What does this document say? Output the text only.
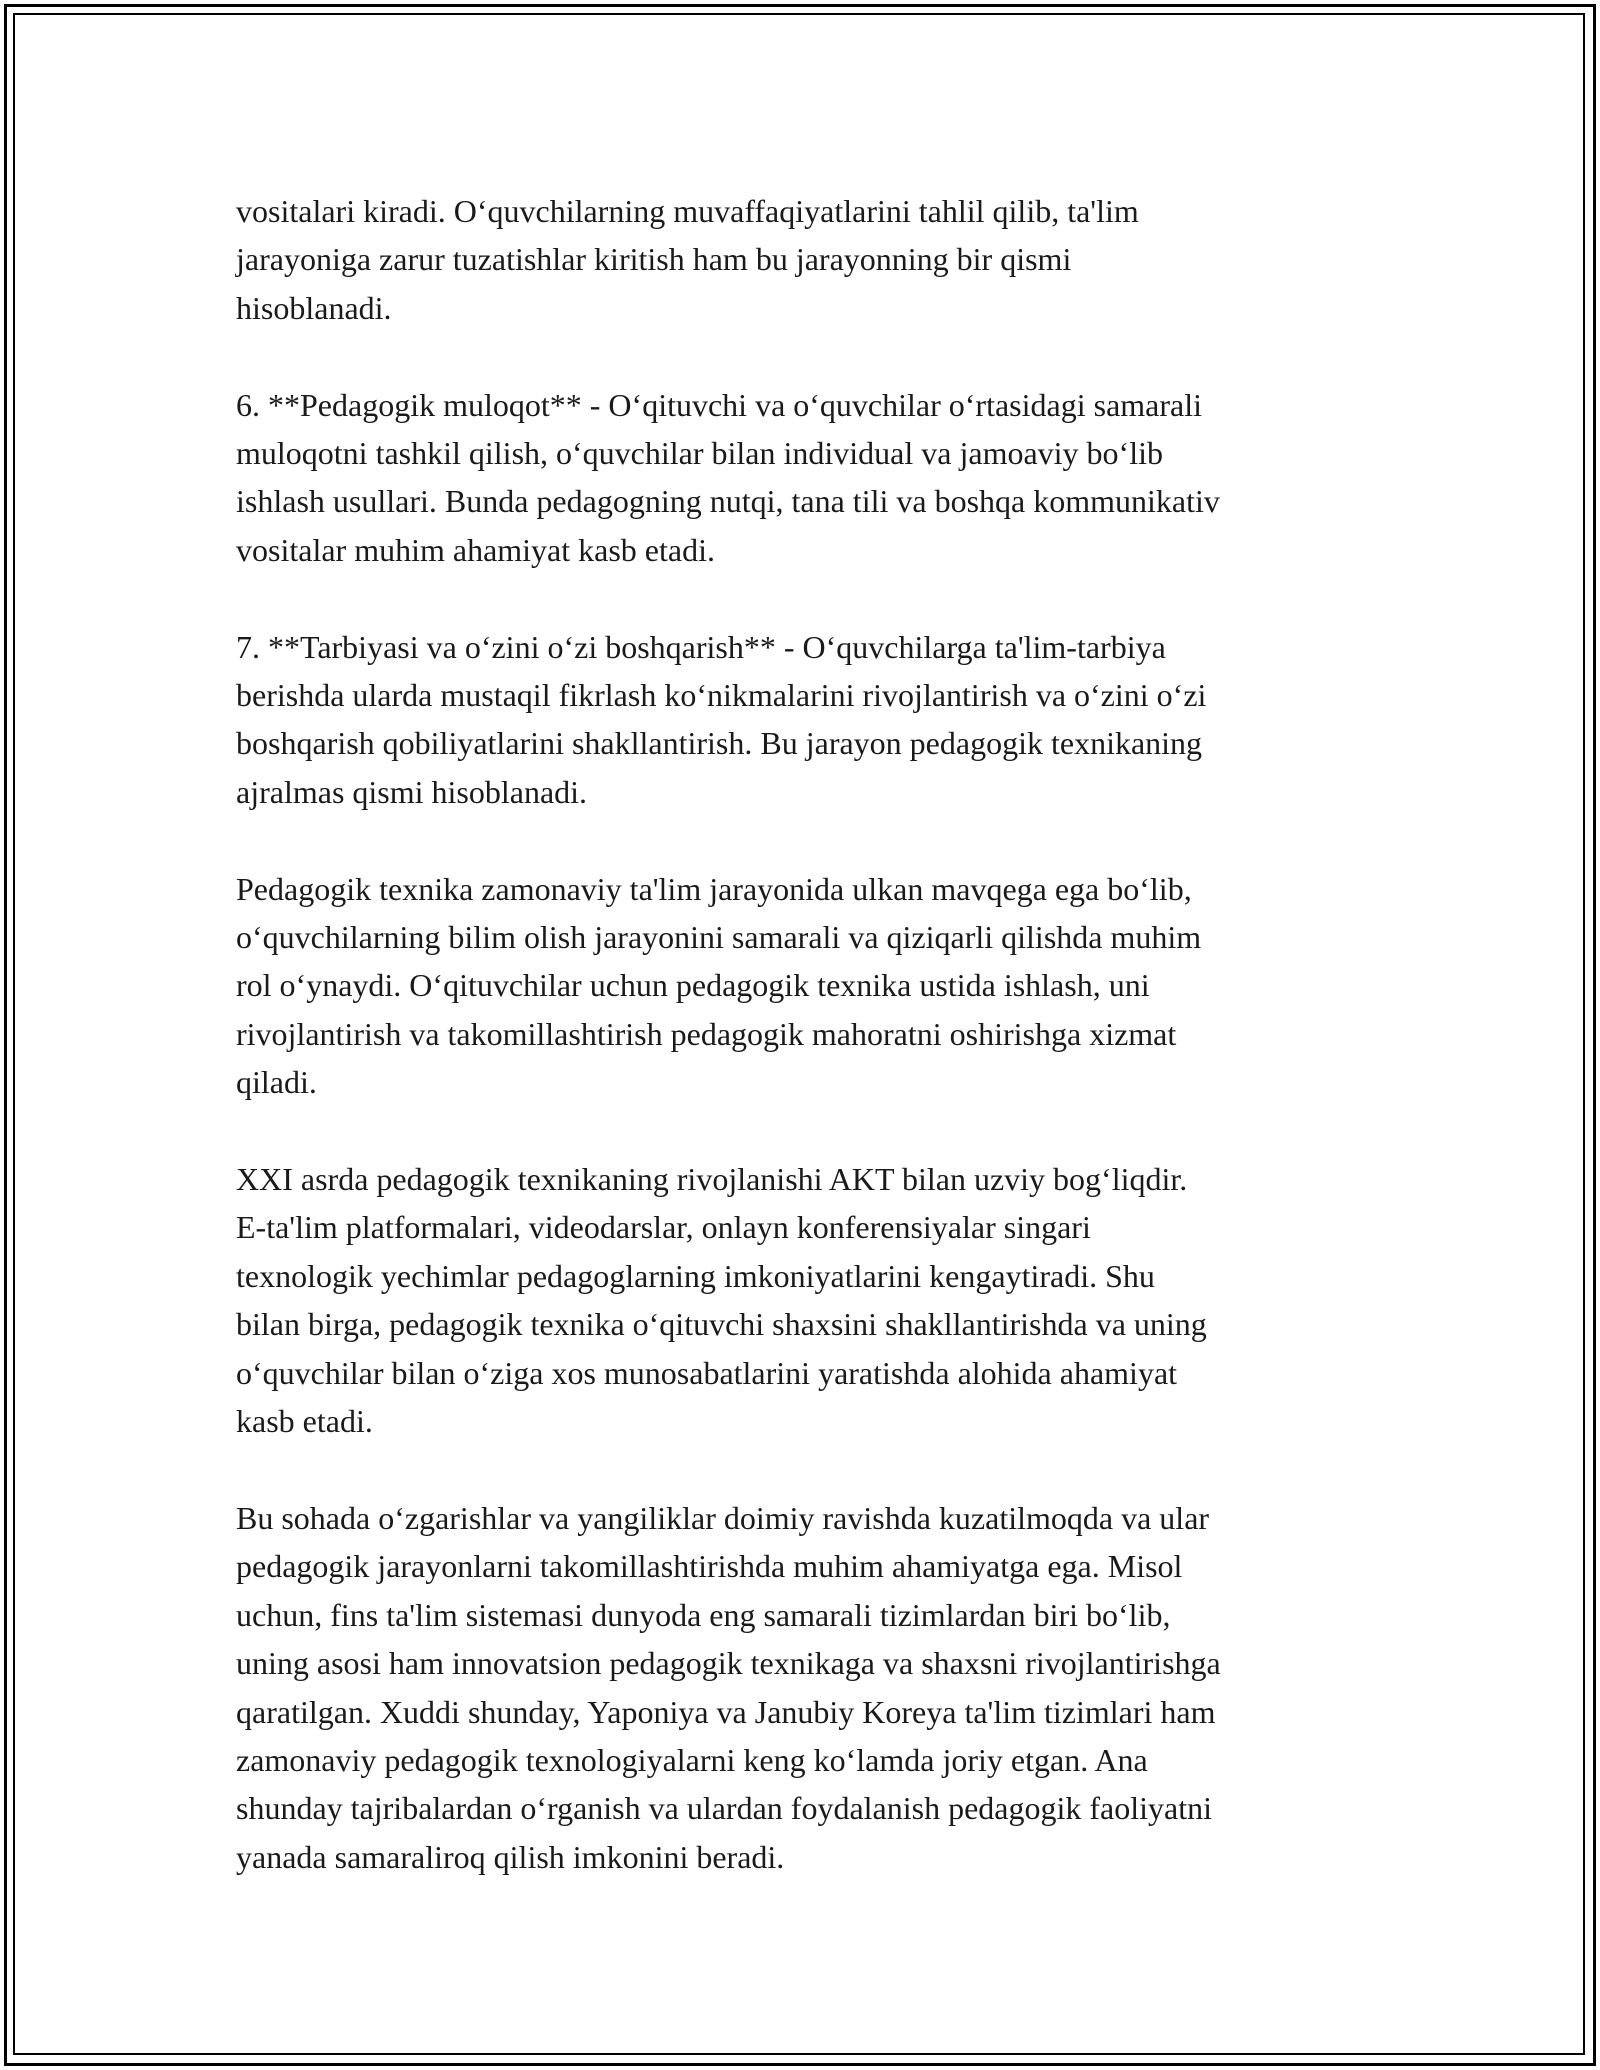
vositalari kiradi. O‘quvchilarning muvaffaqiyatlarini tahlil qilib, ta'lim
jarayoniga zarur tuzatishlar kiritish ham bu jarayonning bir qismi
hisoblanadi.

6. **Pedagogik muloqot** - O‘qituvchi va o‘quvchilar o‘rtasidagi samarali
muloqotni tashkil qilish, o‘quvchilar bilan individual va jamoaviy bo‘lib
ishlash usullari. Bunda pedagogning nutqi, tana tili va boshqa kommunikativ
vositalar muhim ahamiyat kasb etadi.

7. **Tarbiyasi va o‘zini o‘zi boshqarish** - O‘quvchilarga ta'lim-tarbiya
berishda ularda mustaqil fikrlash ko‘nikmalarini rivojlantirish va o‘zini o‘zi
boshqarish qobiliyatlarini shakllantirish. Bu jarayon pedagogik texnikaning
ajralmas qismi hisoblanadi.

Pedagogik texnika zamonaviy ta'lim jarayonida ulkan mavqega ega bo‘lib,
o‘quvchilarning bilim olish jarayonini samarali va qiziqarli qilishda muhim
rol o‘ynaydi. O‘qituvchilar uchun pedagogik texnika ustida ishlash, uni
rivojlantirish va takomillashtirish pedagogik mahoratni oshirishga xizmat
qiladi.

XXI asrda pedagogik texnikaning rivojlanishi AKT bilan uzviy bog‘liqdir.
E-ta'lim platformalari, videodarslar, onlayn konferensiyalar singari
texnologik yechimlar pedagoglarning imkoniyatlarini kengaytiradi. Shu
bilan birga, pedagogik texnika o‘qituvchi shaxsini shakllantirishda va uning
o‘quvchilar bilan o‘ziga xos munosabatlarini yaratishda alohida ahamiyat
kasb etadi.

Bu sohada o‘zgarishlar va yangiliklar doimiy ravishda kuzatilmoqda va ular
pedagogik jarayonlarni takomillashtirishda muhim ahamiyatga ega. Misol
uchun, fins ta'lim sistemasi dunyoda eng samarali tizimlardan biri bo‘lib,
uning asosi ham innovatsion pedagogik texnikaga va shaxsni rivojlantirishga
qaratilgan. Xuddi shunday, Yaponiya va Janubiy Koreya ta'lim tizimlari ham
zamonaviy pedagogik texnologiyalarni keng ko‘lamda joriy etgan. Ana
shunday tajribalardan o‘rganish va ulardan foydalanish pedagogik faoliyatni
yanada samaraliroq qilish imkonini beradi.
